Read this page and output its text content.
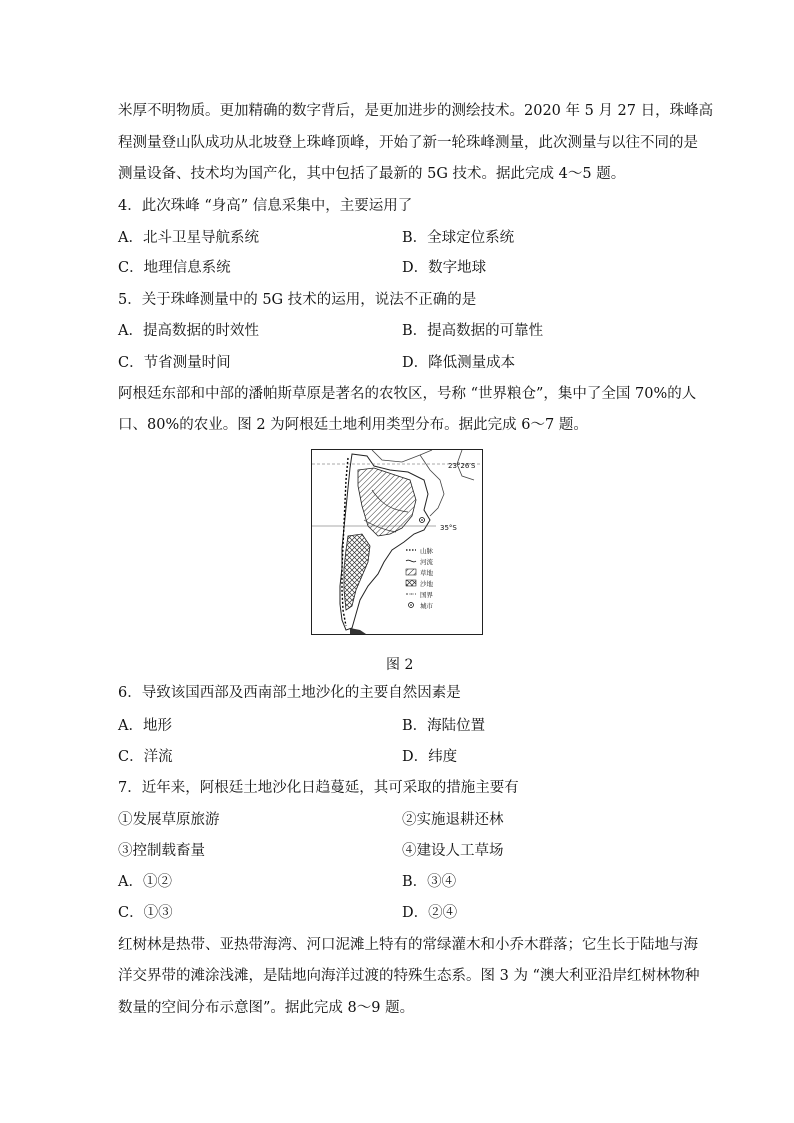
米厚不明物质。更加精确的数字背后，是更加进步的测绘技术。2020 年 5 月 27 日，珠峰高
程测量登山队成功从北坡登上珠峰顶峰，开始了新一轮珠峰测量，此次测量与以往不同的是
测量设备、技术均为国产化，其中包括了最新的 5G 技术。据此完成 4～5 题。
4．此次珠峰 “身高” 信息采集中，主要运用了
A．北斗卫星导航系统	B．全球定位系统
C．地理信息系统	D．数字地球
5．关于珠峰测量中的 5G 技术的运用，说法不正确的是
A．提高数据的时效性	B．提高数据的可靠性
C．节省测量时间	D．降低测量成本
阿根廷东部和中部的潘帕斯草原是著名的农牧区，号称 “世界粮仓”，集中了全国 70%的人
口、80%的农业。图 2 为阿根廷土地利用类型分布。据此完成 6～7 题。
23°26′S
35°S
山脉
河流
草地
沙地
国界
城市
图 2
6．导致该国西部及西南部土地沙化的主要自然因素是
A．地形	B．海陆位置
C．洋流	D．纬度
7．近年来，阿根廷土地沙化日趋蔓延，其可采取的措施主要有
①发展草原旅游	②实施退耕还林
③控制载畜量	④建设人工草场
A．①②	B．③④
C．①③	D．②④
红树林是热带、亚热带海湾、河口泥滩上特有的常绿灌木和小乔木群落；它生长于陆地与海
洋交界带的滩涂浅滩，是陆地向海洋过渡的特殊生态系。图 3 为 “澳大利亚沿岸红树林物种
数量的空间分布示意图”。据此完成 8～9 题。
